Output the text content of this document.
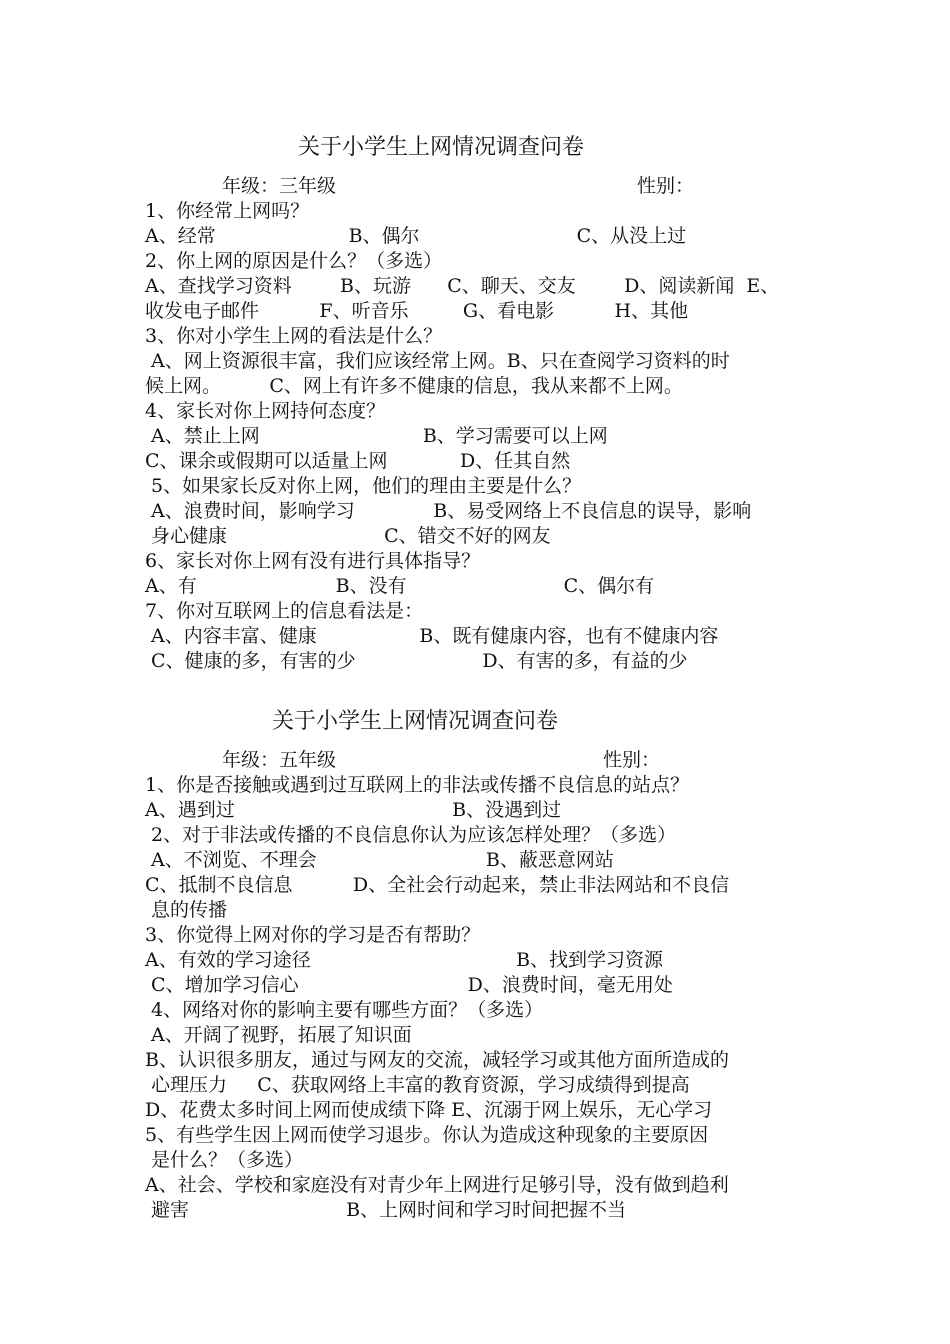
关于小学生上网情况调查问卷
年级：三年级	性别：
1、你经常上网吗？
A、经常                      B、偶尔                          C、从没上过
2、你上网的原因是什么？（多选）
A、查找学习资料        B、玩游      C、聊天、交友        D、阅读新闻  E、
收发电子邮件          F、听音乐         G、看电影          H、其他
3、你对小学生上网的看法是什么？
A、网上资源很丰富，我们应该经常上网。B、只在查阅学习资料的时
候上网。        C、网上有许多不健康的信息，我从来都不上网。
4、家长对你上网持何态度？
A、禁止上网                           B、学习需要可以上网
C、课余或假期可以适量上网            D、任其自然
5、如果家长反对你上网，他们的理由主要是什么？
A、浪费时间，影响学习             B、易受网络上不良信息的误导，影响
身心健康                          C、错交不好的网友
6、家长对你上网有没有进行具体指导？
A、有                       B、没有                          C、偶尔有
7、你对互联网上的信息看法是：
A、内容丰富、健康                 B、既有健康内容，也有不健康内容
C、健康的多，有害的少                     D、有害的多，有益的少
关于小学生上网情况调查问卷
年级：五年级	性别：
1、你是否接触或遇到过互联网上的非法或传播不良信息的站点？
A、遇到过                                    B、没遇到过
2、对于非法或传播的不良信息你认为应该怎样处理？（多选）
A、不浏览、不理会                            B、蔽恶意网站
C、抵制不良信息          D、全社会行动起来，禁止非法网站和不良信
息的传播
3、你觉得上网对你的学习是否有帮助？
A、有效的学习途径                                  B、找到学习资源
C、增加学习信心                            D、浪费时间，毫无用处
4、网络对你的影响主要有哪些方面？（多选）
A、开阔了视野，拓展了知识面
B、认识很多朋友，通过与网友的交流，减轻学习或其他方面所造成的
心理压力     C、获取网络上丰富的教育资源，学习成绩得到提高
D、花费太多时间上网而使成绩下降 E、沉溺于网上娱乐，无心学习
5、有些学生因上网而使学习退步。你认为造成这种现象的主要原因
是什么？（多选）
A、社会、学校和家庭没有对青少年上网进行足够引导，没有做到趋利
避害                          B、上网时间和学习时间把握不当
